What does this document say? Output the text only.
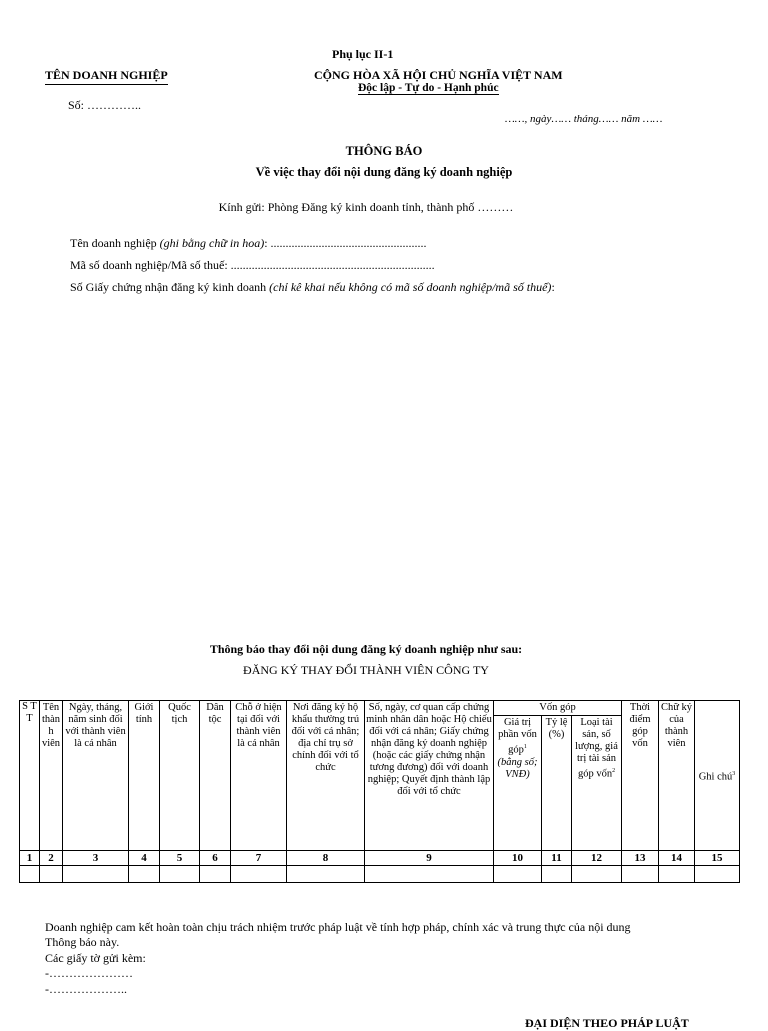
Phụ lục II-1
TÊN DOANH NGHIỆP	CỘNG HÒA XÃ HỘI CHỦ NGHĨA VIỆT NAM
Độc lập - Tự do - Hạnh phúc
Số: …………..
……, ngày…… tháng…… năm ……
THÔNG BÁO
Về việc thay đổi nội dung đăng ký doanh nghiệp
Kính gửi: Phòng Đăng ký kinh doanh tỉnh, thành phố ………
Tên doanh nghiệp (ghi bằng chữ in hoa): ....................................................
Mã số doanh nghiệp/Mã số thuế: ....................................................................
Số Giấy chứng nhận đăng ký kinh doanh (chỉ kê khai nếu không có mã số doanh nghiệp/mã số thuế):
Thông báo thay đổi nội dung đăng ký doanh nghiệp như sau:
ĐĂNG KÝ THAY ĐỔI THÀNH VIÊN CÔNG TY
S T T	Tên thàn h viên	Ngày, tháng, năm sinh đối với thành viên là cá nhân	Giới tính	Quốc tịch	Dân tộc	Chỗ ở hiện tại đối với thành viên là cá nhân	Nơi đăng ký hộ khẩu thường trú đối với cá nhân; địa chỉ trụ sở chính đối với tổ chức	Số, ngày, cơ quan cấp chứng minh nhân dân hoặc Hộ chiếu đối với cá nhân; Giấy chứng nhận đăng ký doanh nghiệp (hoặc các giấy chứng nhận tương đương) đối với doanh nghiệp; Quyết định thành lập đối với tổ chức	Vốn góp			Thời điểm góp vốn	Chữ ký của thành viên	Ghi chú$^3$
									Giá trị phần vốn góp$^1$ (bằng số; VNĐ)	Tỷ lệ (%)	Loại tài sản, số lượng, giá trị tài sản góp vốn$^2$
1	2	3	4	5	6	7	8	9	10	11	12	13	14	15

Doanh nghiệp cam kết hoàn toàn chịu trách nhiệm trước pháp luật về tính hợp pháp, chính xác và trung thực của nội dung
Thông báo này.
Các giấy tờ gửi kèm:
-…………………
-………………..
ĐẠI DIỆN THEO PHÁP LUẬT
